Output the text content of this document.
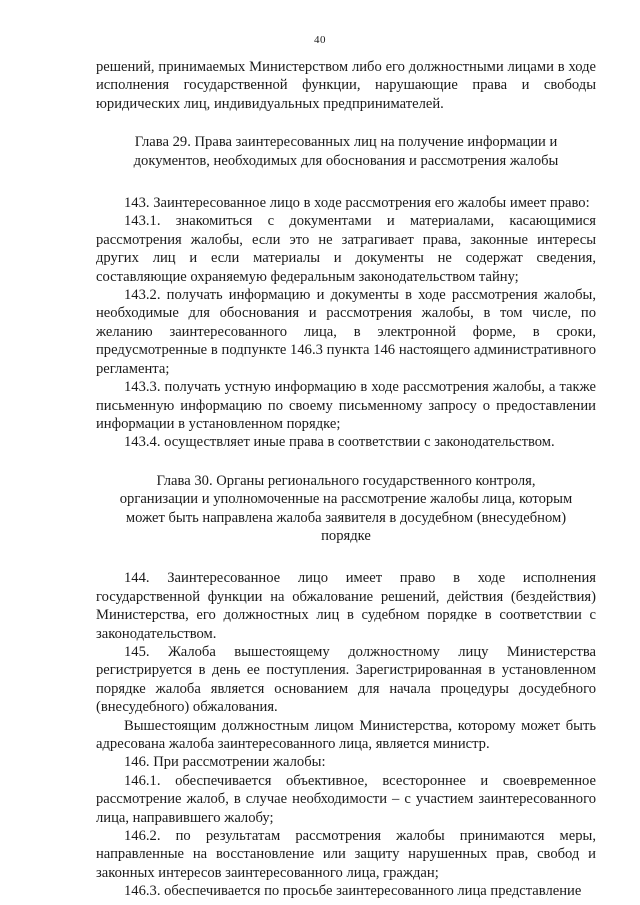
40

решений, принимаемых Министерством либо его должностными лицами в ходе исполнения государственной функции, нарушающие права и свободы юридических лиц, индивидуальных предпринимателей.

Глава 29. Права заинтересованных лиц на получение информации и документов, необходимых для обоснования и рассмотрения жалобы

143. Заинтересованное лицо в ходе рассмотрения его жалобы имеет право:

143.1. знакомиться с документами и материалами, касающимися рассмотрения жалобы, если это не затрагивает права, законные интересы других лиц и если материалы и документы не содержат сведения, составляющие охраняемую федеральным законодательством тайну;

143.2. получать информацию и документы в ходе рассмотрения жалобы, необходимые для обоснования и рассмотрения жалобы, в том числе, по желанию заинтересованного лица, в электронной форме, в сроки, предусмотренные в подпункте 146.3 пункта 146 настоящего административного регламента;

143.3. получать устную информацию в ходе рассмотрения жалобы, а также письменную информацию по своему письменному запросу о предоставлении информации в установленном порядке;

143.4. осуществляет иные права в соответствии с законодательством.

Глава 30. Органы регионального государственного контроля, организации и уполномоченные на рассмотрение жалобы лица, которым может быть направлена жалоба заявителя в досудебном (внесудебном) порядке

144. Заинтересованное лицо имеет право в ходе исполнения государственной функции на обжалование решений, действия (бездействия) Министерства, его должностных лиц в судебном порядке в соответствии с законодательством.

145. Жалоба вышестоящему должностному лицу Министерства регистрируется в день ее поступления. Зарегистрированная в установленном порядке жалоба является основанием для начала процедуры досудебного (внесудебного) обжалования.

Вышестоящим должностным лицом Министерства, которому может быть адресована жалоба заинтересованного лица, является министр.

146. При рассмотрении жалобы:

146.1. обеспечивается объективное, всестороннее и своевременное рассмотрение жалоб, в случае необходимости – с участием заинтересованного лица, направившего жалобу;

146.2. по результатам рассмотрения жалобы принимаются меры, направленные на восстановление или защиту нарушенных прав, свобод и законных интересов заинтересованного лица, граждан;

146.3. обеспечивается по просьбе заинтересованного лица представление
